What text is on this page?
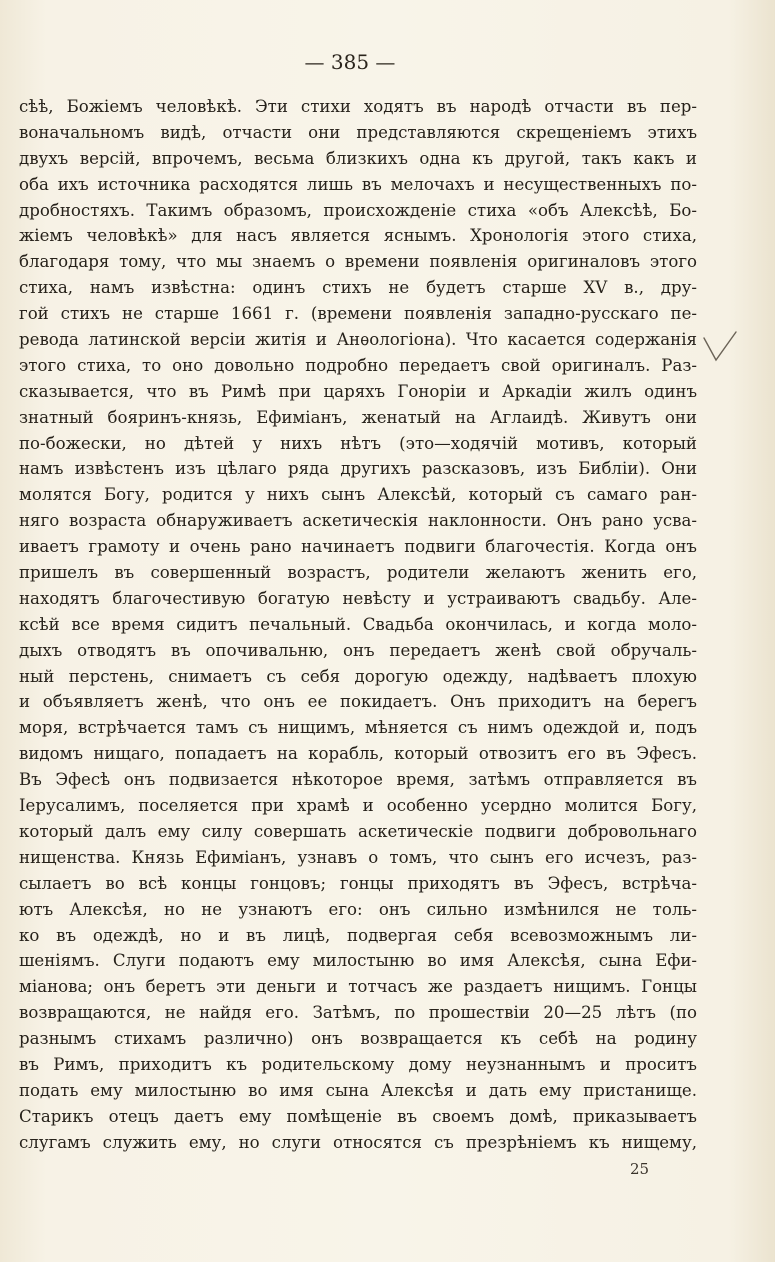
— 385 —
сѣѣ, Божіемъ человѣкѣ. Эти стихи ходятъ въ народѣ отчасти въ пер-
воначальномъ видѣ, отчасти они представляются скрещеніемъ этихъ
двухъ версій, впрочемъ, весьма близкихъ одна къ другой, такъ какъ и
оба ихъ источника расходятся лишь въ мелочахъ и несущественныхъ по-
дробностяхъ. Такимъ образомъ, происхожденіе стиха «объ Алексѣѣ, Бо-
жіемъ человѣкѣ» для насъ является яснымъ. Хронологія этого стиха,
благодаря тому, что мы знаемъ о времени появленія оригиналовъ этого
стиха, намъ извѣстна: одинъ стихъ не будетъ старше XV в., дру-
гой стихъ не старше 1661 г. (времени появленія западно-русскаго пе-
ревода латинской версіи житія и Анѳологіона). Что касается содержанія
этого стиха, то оно довольно подробно передаетъ свой оригиналъ. Раз-
сказывается, что въ Римѣ при царяхъ Гоноріи и Аркадіи жилъ одинъ
знатный бояринъ-князь, Ефиміанъ, женатый на Аглаидѣ. Живутъ они
по-божески, но дѣтей у нихъ нѣтъ (это—ходячій мотивъ, который
намъ извѣстенъ изъ цѣлаго ряда другихъ разсказовъ, изъ Библіи). Они
молятся Богу, родится у нихъ сынъ Алексѣй, который съ самаго ран-
няго возраста обнаруживаетъ аскетическія наклонности. Онъ рано усва-
иваетъ грамоту и очень рано начинаетъ подвиги благочестія. Когда онъ
пришелъ въ совершенный возрастъ, родители желаютъ женить его,
находятъ благочестивую богатую невѣсту и устраиваютъ свадьбу. Але-
ксѣй все время сидитъ печальный. Свадьба окончилась, и когда моло-
дыхъ отводятъ въ опочивальню, онъ передаетъ женѣ свой обручаль-
ный перстень, снимаетъ съ себя дорогую одежду, надѣваетъ плохую
и объявляетъ женѣ, что онъ ее покидаетъ. Онъ приходитъ на берегъ
моря, встрѣчается тамъ съ нищимъ, мѣняется съ нимъ одеждой и, подъ
видомъ нищаго, попадаетъ на корабль, который отвозитъ его въ Эфесъ.
Въ Эфесѣ онъ подвизается нѣкоторое время, затѣмъ отправляется въ
Іерусалимъ, поселяется при храмѣ и особенно усердно молится Богу,
который далъ ему силу совершать аскетическіе подвиги добровольнаго
нищенства. Князь Ефиміанъ, узнавъ о томъ, что сынъ его исчезъ, раз-
сылаетъ во всѣ концы гонцовъ; гонцы приходятъ въ Эфесъ, встрѣча-
ютъ Алексѣя, но не узнаютъ его: онъ сильно измѣнился не толь-
ко въ одеждѣ, но и въ лицѣ, подвергая себя всевозможнымъ ли-
шеніямъ. Слуги подаютъ ему милостыню во имя Алексѣя, сына Ефи-
міанова; онъ беретъ эти деньги и тотчасъ же раздаетъ нищимъ. Гонцы
возвращаются, не найдя его. Затѣмъ, по прошествіи 20—25 лѣтъ (по
разнымъ стихамъ различно) онъ возвращается къ себѣ на родину
въ Римъ, приходитъ къ родительскому дому неузнаннымъ и проситъ
подать ему милостыню во имя сына Алексѣя и дать ему пристанище.
Старикъ отецъ даетъ ему помѣщеніе въ своемъ домѣ, приказываетъ
слугамъ служить ему, но слуги относятся съ презрѣніемъ къ нищему,
25
